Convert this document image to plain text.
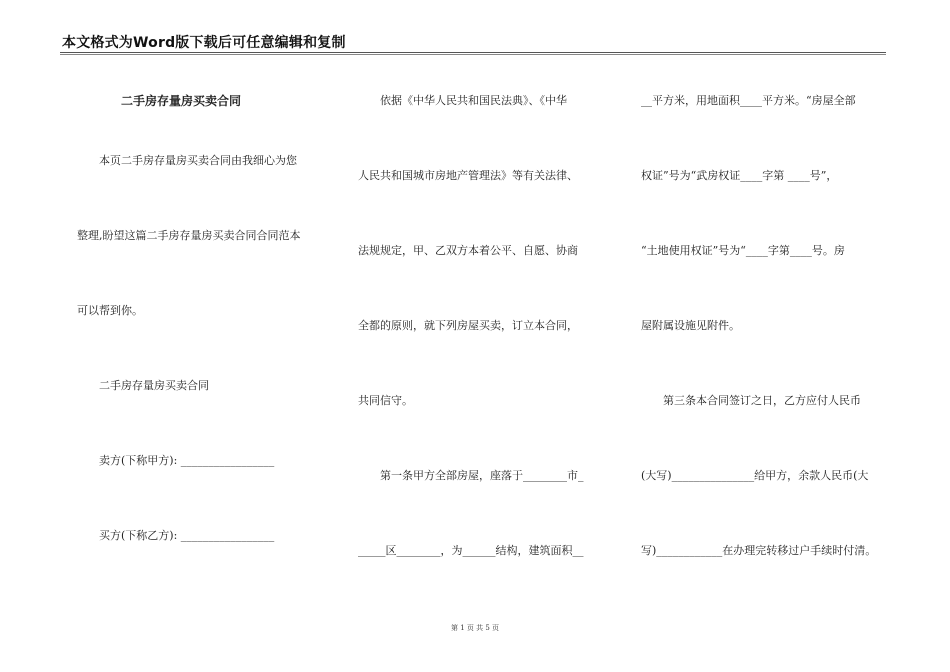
本文格式为Word版下载后可任意编辑和复制
二手房存量房买卖合同
本页二手房存量房买卖合同由我细心为您
整理,盼望这篇二手房存量房买卖合同合同范本
可以帮到你。
二手房存量房买卖合同
卖方(下称甲方): _________________
买方(下称乙方): _________________
依据《中华人民共和国民法典》、《中华
人民共和国城市房地产管理法》等有关法律、
法规规定，甲、乙双方本着公平、自愿、协商
全都的原则，就下列房屋买卖，订立本合同，
共同信守。
第一条甲方全部房屋，座落于________市_
_____区________，为______结构，建筑面积__
__平方米，用地面积____平方米。“房屋全部
权证”号为“武房权证____字第 ____号”，
“土地使用权证”号为“____字第____号。房
屋附属设施见附件。
第三条本合同签订之日，乙方应付人民币
(大写)_______________给甲方，余款人民币(大
写)____________在办理完转移过户手续时付清。
第 1 页 共 5 页
